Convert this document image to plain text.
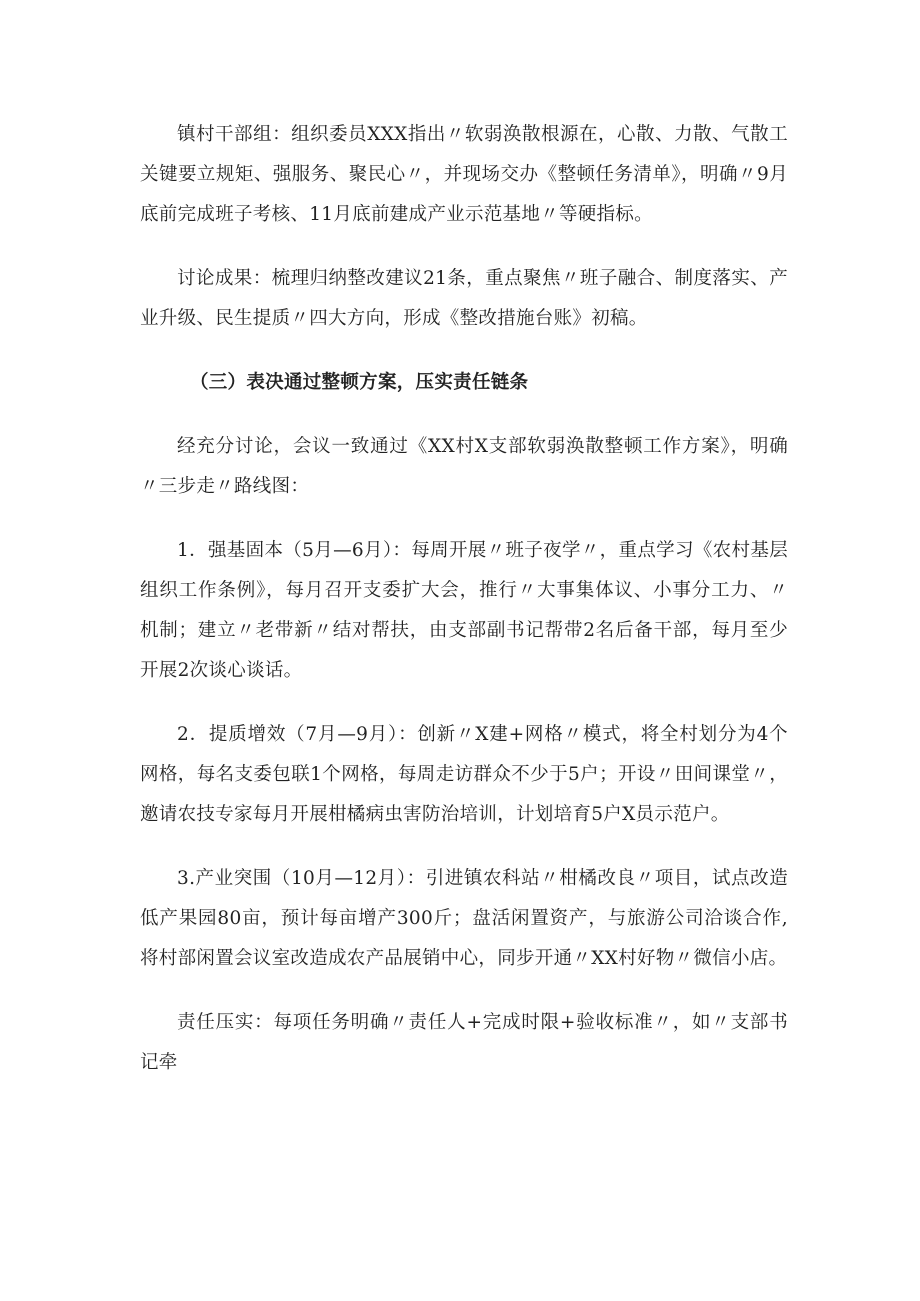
镇村干部组：组织委员XXX指出〃软弱涣散根源在，心散、力散、气散工关键要立规矩、强服务、聚民心〃，并现场交办《整顿任务清单》，明确〃9月底前完成班子考核、11月底前建成产业示范基地〃等硬指标。

讨论成果：梳理归纳整改建议21条，重点聚焦〃班子融合、制度落实、产业升级、民生提质〃四大方向，形成《整改措施台账》初稿。

（三）表决通过整顿方案，压实责任链条

经充分讨论，会议一致通过《XX村X支部软弱涣散整顿工作方案》，明确〃三步走〃路线图：

1．强基固本（5月—6月）：每周开展〃班子夜学〃，重点学习《农村基层组织工作条例》，每月召开支委扩大会，推行〃大事集体议、小事分工力、〃机制；建立〃老带新〃结对帮扶，由支部副书记帮带2名后备干部，每月至少开展2次谈心谈话。

2．提质增效（7月—9月）：创新〃X建+网格〃模式，将全村划分为4个网格，每名支委包联1个网格，每周走访群众不少于5户；开设〃田间课堂〃，邀请农技专家每月开展柑橘病虫害防治培训，计划培育5户X员示范户。

3.产业突围（10月—12月）：引进镇农科站〃柑橘改良〃项目，试点改造低产果园80亩，预计每亩增产300斤；盘活闲置资产，与旅游公司洽谈合作,将村部闲置会议室改造成农产品展销中心，同步开通〃XX村好物〃微信小店。

责任压实：每项任务明确〃责任人+完成时限+验收标准〃，如〃支部书记牵
